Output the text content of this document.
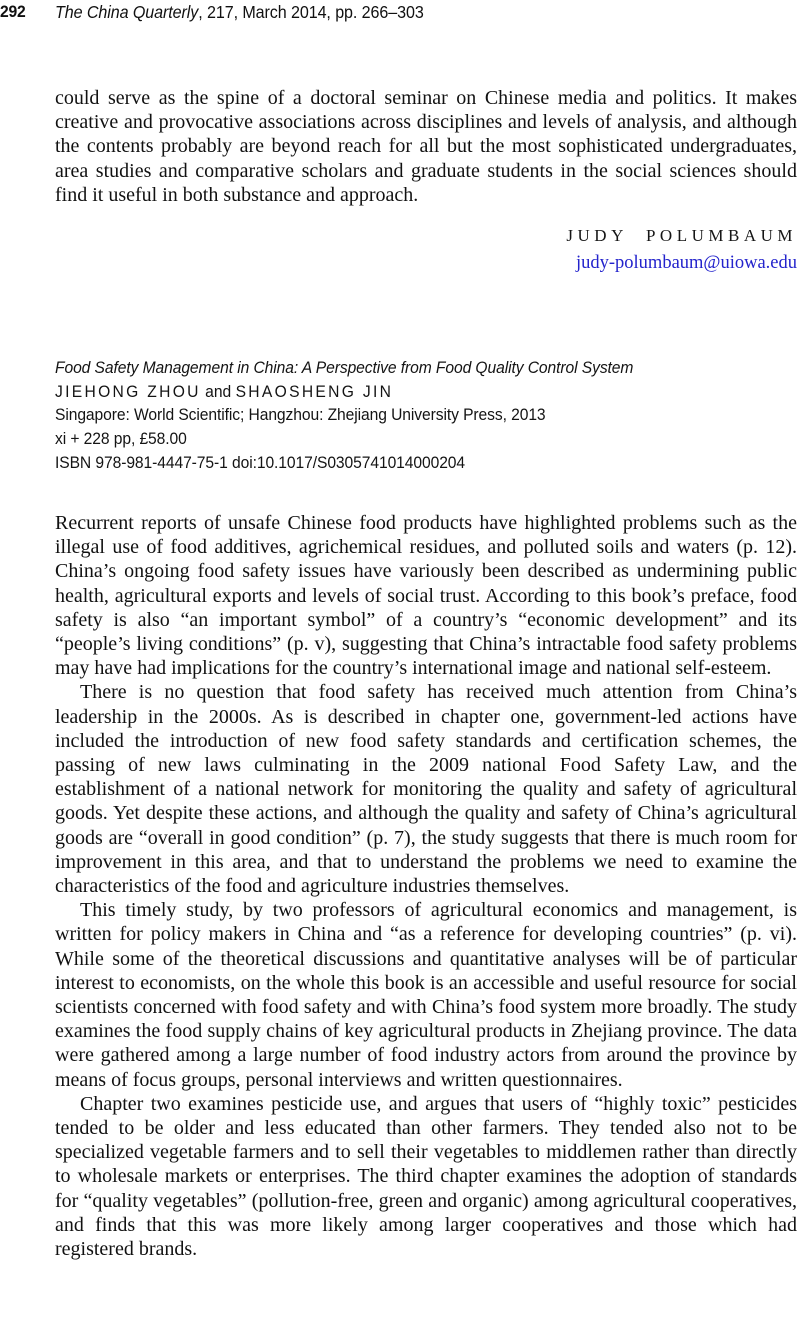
292 The China Quarterly, 217, March 2014, pp. 266–303

could serve as the spine of a doctoral seminar on Chinese media and politics. It makes creative and provocative associations across disciplines and levels of analysis, and although the contents probably are beyond reach for all but the most sophisticated undergraduates, area studies and comparative scholars and graduate students in the social sciences should find it useful in both substance and approach.

JUDY POLUMBAUM
judy-polumbaum@uiowa.edu
Food Safety Management in China: A Perspective from Food Quality Control System
JIEHONG ZHOU and SHAOSHENG JIN
Singapore: World Scientific; Hangzhou: Zhejiang University Press, 2013
xi + 228 pp, £58.00
ISBN 978-981-4447-75-1 doi:10.1017/S0305741014000204

Recurrent reports of unsafe Chinese food products have highlighted problems such as the illegal use of food additives, agrichemical residues, and polluted soils and waters (p. 12). China’s ongoing food safety issues have variously been described as undermining public health, agricultural exports and levels of social trust. According to this book’s preface, food safety is also “an important symbol” of a country’s “economic development” and its “people’s living conditions” (p. v), suggesting that China’s intractable food safety problems may have had implications for the country’s international image and national self-esteem.

There is no question that food safety has received much attention from China’s leadership in the 2000s. As is described in chapter one, government-led actions have included the introduction of new food safety standards and certification schemes, the passing of new laws culminating in the 2009 national Food Safety Law, and the establishment of a national network for monitoring the quality and safety of agricultural goods. Yet despite these actions, and although the quality and safety of China’s agricultural goods are “overall in good condition” (p. 7), the study suggests that there is much room for improvement in this area, and that to understand the problems we need to examine the characteristics of the food and agriculture industries themselves.

This timely study, by two professors of agricultural economics and management, is written for policy makers in China and “as a reference for developing countries” (p. vi). While some of the theoretical discussions and quantitative analyses will be of particular interest to economists, on the whole this book is an accessible and useful resource for social scientists concerned with food safety and with China’s food system more broadly. The study examines the food supply chains of key agricultural products in Zhejiang province. The data were gathered among a large number of food industry actors from around the province by means of focus groups, personal interviews and written questionnaires.

Chapter two examines pesticide use, and argues that users of “highly toxic” pesticides tended to be older and less educated than other farmers. They tended also not to be specialized vegetable farmers and to sell their vegetables to middlemen rather than directly to wholesale markets or enterprises. The third chapter examines the adoption of standards for “quality vegetables” (pollution-free, green and organic) among agricultural cooperatives, and finds that this was more likely among larger cooperatives and those which had registered brands.
